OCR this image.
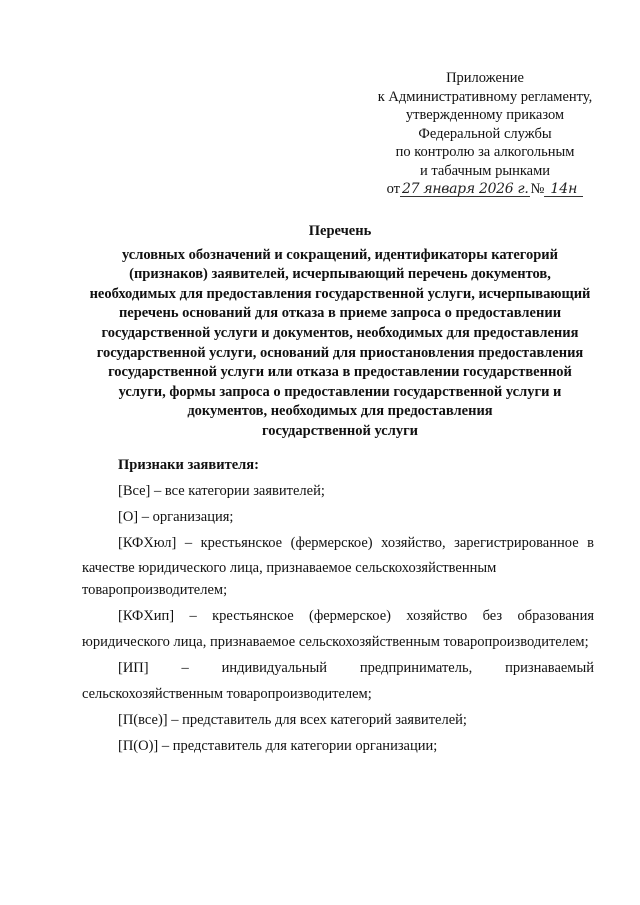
Приложение
к Административному регламенту,
утвержденному приказом
Федеральной службы
по контролю за алкогольным
и табачным рынками
от 27 января 2026 г. № 14н
Перечень
условных обозначений и сокращений, идентификаторы категорий
(признаков) заявителей, исчерпывающий перечень документов,
необходимых для предоставления государственной услуги, исчерпывающий
перечень оснований для отказа в приеме запроса о предоставлении
государственной услуги и документов, необходимых для предоставления
государственной услуги, оснований для приостановления предоставления
государственной услуги или отказа в предоставлении государственной
услуги, формы запроса о предоставлении государственной услуги и
документов, необходимых для предоставления
государственной услуги
Признаки заявителя:
[Все] – все категории заявителей;
[О] – организация;
[КФХюл] – крестьянское (фермерское) хозяйство, зарегистрированное в качестве юридического лица, признаваемое сельскохозяйственным
товаропроизводителем;
[КФХип] – крестьянское (фермерское) хозяйство без образования
юридического лица, признаваемое сельскохозяйственным товаропроизводителем;
[ИП] – индивидуальный предприниматель, признаваемый
сельскохозяйственным товаропроизводителем;
[П(все)] – представитель для всех категорий заявителей;
[П(О)] – представитель для категории организации;
